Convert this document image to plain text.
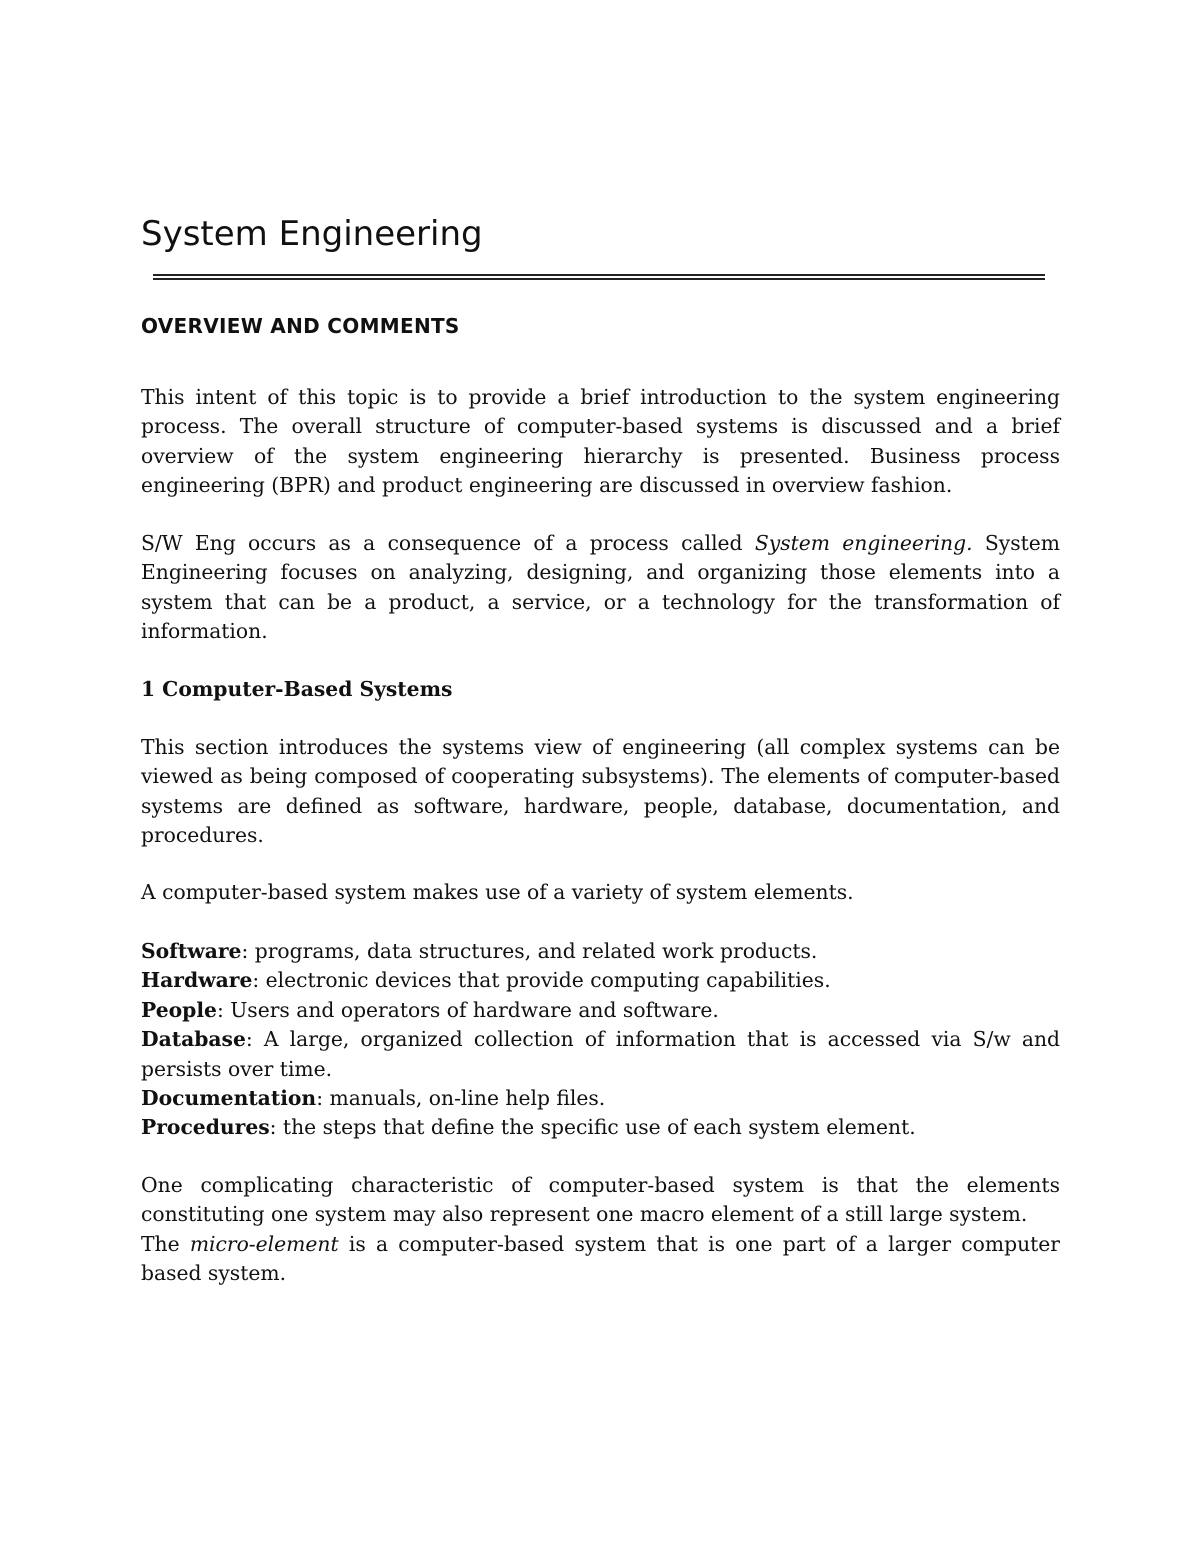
System Engineering
OVERVIEW AND COMMENTS

This intent of this topic is to provide a brief introduction to the system engineering process. The overall structure of computer-based systems is discussed and a brief overview of the system engineering hierarchy is presented. Business process engineering (BPR) and product engineering are discussed in overview fashion.

S/W Eng occurs as a consequence of a process called System engineering. System Engineering focuses on analyzing, designing, and organizing those elements into a system that can be a product, a service, or a technology for the transformation of information.

1 Computer-Based Systems

This section introduces the systems view of engineering (all complex systems can be viewed as being composed of cooperating subsystems). The elements of computer-based systems are defined as software, hardware, people, database, documentation, and procedures.

A computer-based system makes use of a variety of system elements.

Software: programs, data structures, and related work products.

Hardware: electronic devices that provide computing capabilities.

People: Users and operators of hardware and software.

Database: A large, organized collection of information that is accessed via S/w and persists over time.

Documentation: manuals, on-line help files.

Procedures: the steps that define the specific use of each system element.

One complicating characteristic of computer-based system is that the elements constituting one system may also represent one macro element of a still large system.

The micro-element is a computer-based system that is one part of a larger computer based system.
